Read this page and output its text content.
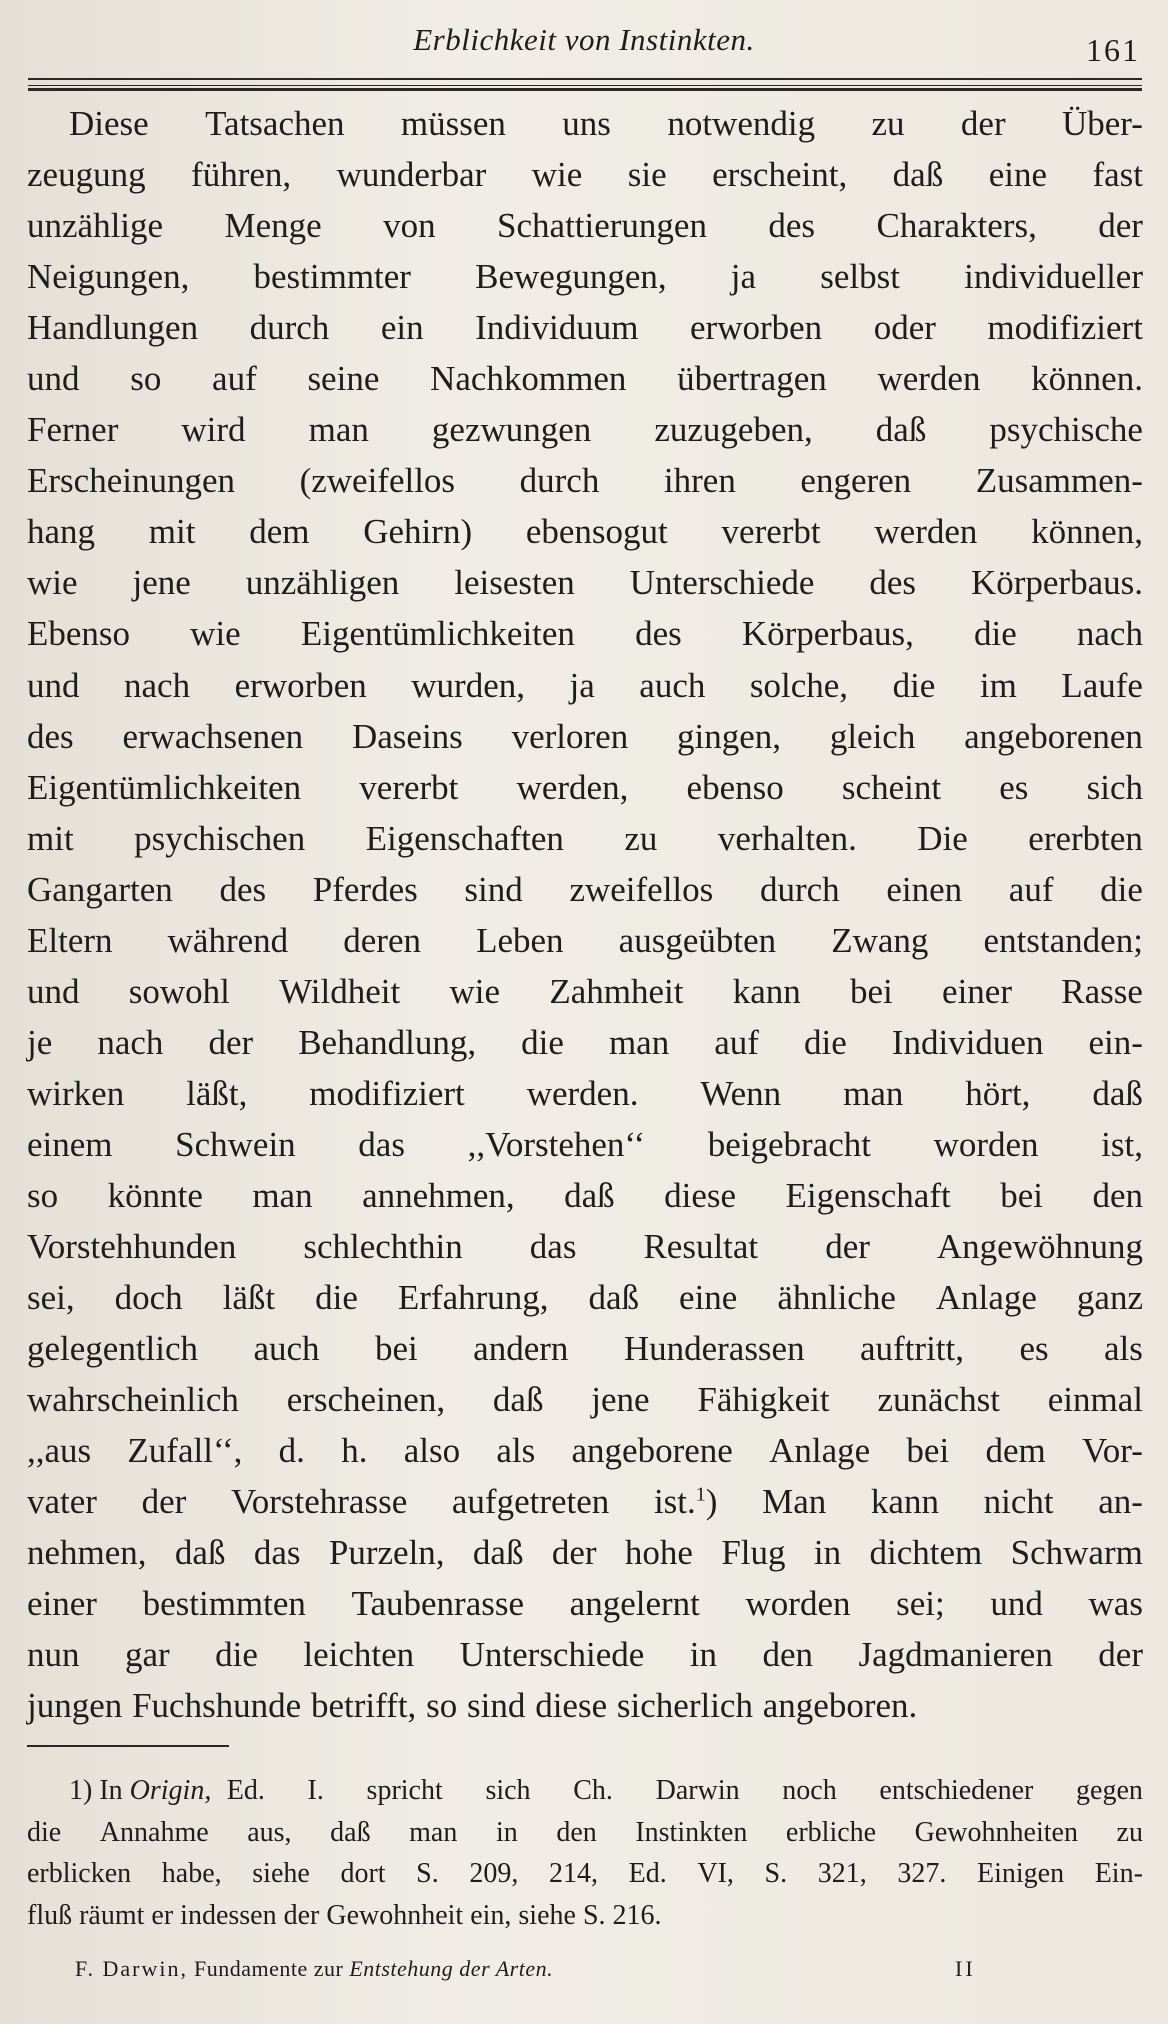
Erblichkeit von Instinkten.	161
Diese Tatsachen müssen uns notwendig zu der Über-
zeugung führen, wunderbar wie sie erscheint, daß eine fast
unzählige Menge von Schattierungen des Charakters, der
Neigungen, bestimmter Bewegungen, ja selbst individueller
Handlungen durch ein Individuum erworben oder modifiziert
und so auf seine Nachkommen übertragen werden können.
Ferner wird man gezwungen zuzugeben, daß psychische
Erscheinungen (zweifellos durch ihren engeren Zusammen-
hang mit dem Gehirn) ebensogut vererbt werden können,
wie jene unzähligen leisesten Unterschiede des Körperbaus.
Ebenso wie Eigentümlichkeiten des Körperbaus, die nach
und nach erworben wurden, ja auch solche, die im Laufe
des erwachsenen Daseins verloren gingen, gleich angeborenen
Eigentümlichkeiten vererbt werden, ebenso scheint es sich
mit psychischen Eigenschaften zu verhalten. Die ererbten
Gangarten des Pferdes sind zweifellos durch einen auf die
Eltern während deren Leben ausgeübten Zwang entstanden;
und sowohl Wildheit wie Zahmheit kann bei einer Rasse
je nach der Behandlung, die man auf die Individuen ein-
wirken läßt, modifiziert werden. Wenn man hört, daß
einem Schwein das ,,Vorstehen‘‘ beigebracht worden ist,
so könnte man annehmen, daß diese Eigenschaft bei den
Vorstehhunden schlechthin das Resultat der Angewöhnung
sei, doch läßt die Erfahrung, daß eine ähnliche Anlage ganz
gelegentlich auch bei andern Hunderassen auftritt, es als
wahrscheinlich erscheinen, daß jene Fähigkeit zunächst einmal
,,aus Zufall‘‘, d. h. also als angeborene Anlage bei dem Vor-
vater der Vorstehrasse aufgetreten ist.$^1$) Man kann nicht an-
nehmen, daß das Purzeln, daß der hohe Flug in dichtem Schwarm
einer bestimmten Taubenrasse angelernt worden sei; und was
nun gar die leichten Unterschiede in den Jagdmanieren der
jungen Fuchshunde betrifft, so sind diese sicherlich angeboren.
1) In
Origin,
Ed. I. spricht sich Ch. Darwin noch entschiedener gegen
die Annahme aus, daß man in den Instinkten erbliche Gewohnheiten zu
erblicken habe, siehe dort S. 209, 214, Ed. VI, S. 321, 327. Einigen Ein-
fluß räumt er indessen der Gewohnheit ein, siehe S. 216.
F. Darwin, Fundamente zur Entstehung der Arten.	II
